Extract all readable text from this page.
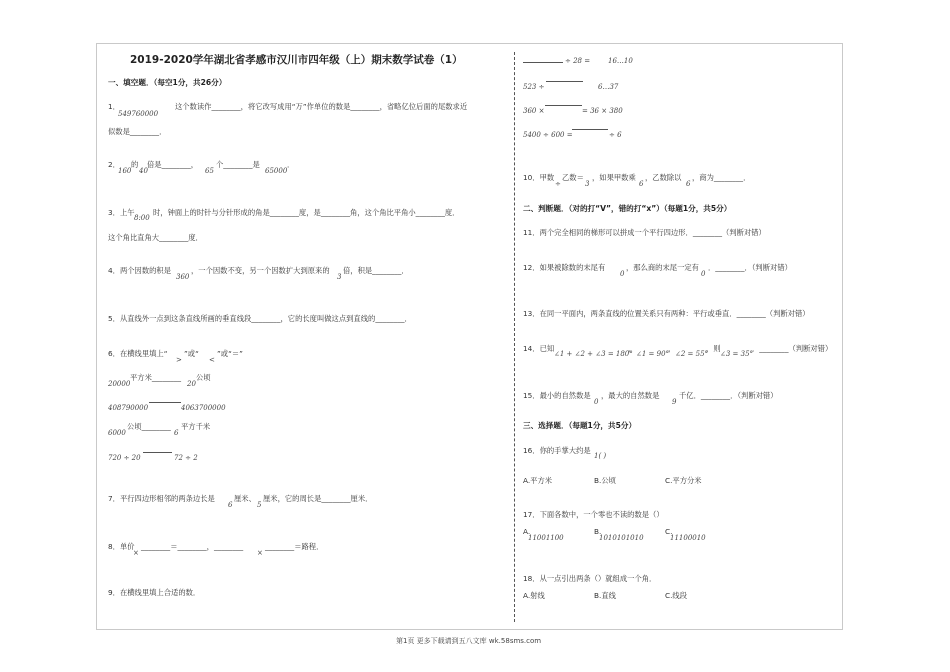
2019-2020学年湖北省孝感市汉川市四年级（上）期末数学试卷（1）
一、填空题．（每空1分，共26分）
1．
549760000
这个数读作________，将它改写成用“万”作单位的数是________，省略亿位后面的尾数求近
似数是________．
2．
160
的
40
倍是________，
65
个________是
65000
．
3．上午
8:00
时，钟面上的时针与分针形成的角是________度，是________角，这个角比平角小________度．
这个角比直角大________度．
4．两个因数的积是
360
，一个因数不变，另一个因数扩大到原来的
3
倍，积是________．
5．从直线外一点到这条直线所画的垂直线段________，它的长度叫做这点到直线的________．
6．在横线里填上“
>
”或“
<
”或“＝”
20000
平方米________
20
公顷
408790000	4063700000
6000
公顷________
6
平方千米
720 ÷ 20	72 ÷ 2
7．平行四边形相邻的两条边长是
6
厘米、
5
厘米，它的周长是________厘米．
8．单价
×
________＝________，________
×
________＝路程．
9．在横线里填上合适的数．
÷ 28 =	16…10
523 ÷	6…37
360 ×	= 36 × 380
5400 ÷ 600 =	÷ 6
10．甲数
÷
乙数＝
3
，如果甲数乘
6
，乙数除以
6
，商为________．
二、判断题．（对的打“V”，错的打“x”）（每题1分，共5分）
11．两个完全相同的梯形可以拼成一个平行四边形．________（判断对错）
12．如果被除数的末尾有
0
，那么商的末尾一定有
0
．________．（判断对错）
13．在同一平面内，两条直线的位置关系只有两种：平行或垂直．________（判断对错）
14．已知
∠1 + ∠2 + ∠3 = 180°
，
∠1 = 90°
，
∠2 = 55°
，则
∠3 = 35°
．________（判断对错）
15．最小的自然数是
0
，最大的自然数是
9
千亿．________．（判断对错）
三、选择题．（每题1分，共5分）
16．你的手掌大约是
1( )
A.平方米	B.公顷	C.平方分米
17．下面各数中，一个零也不读的数是（）
A.
11001100
B.
1010101010
C.
11100010
18．从一点引出两条（）就组成一个角．
A.射线	B.直线	C.线段
第1页 更多下载请到五八文库 wk.58sms.com
